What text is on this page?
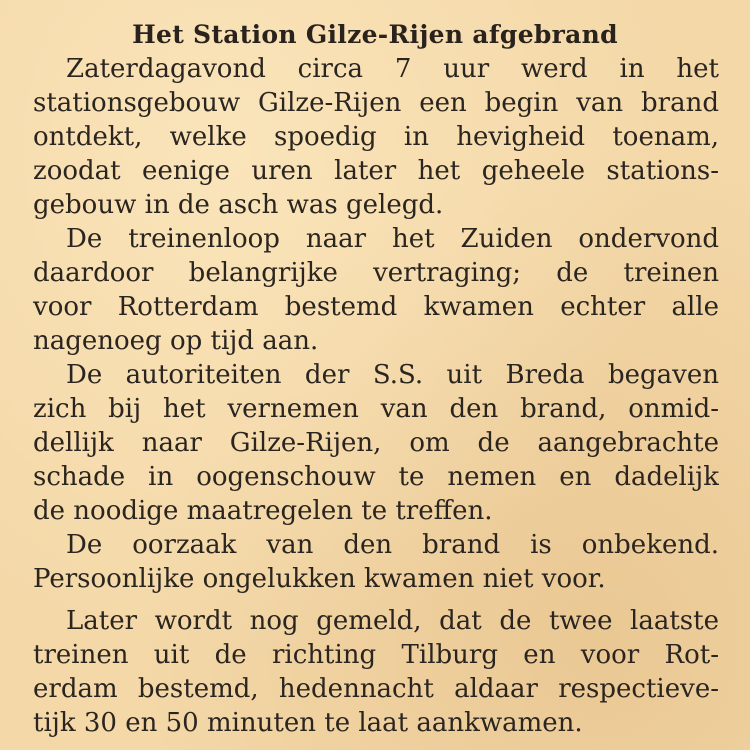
Het Station Gilze-Rijen afgebrand
Zaterdagavond circa 7 uur werd in het
stationsgebouw Gilze-Rijen een begin van brand
ontdekt, welke spoedig in hevigheid toenam,
zoodat eenige uren later het geheele stations-
gebouw in de asch was gelegd.
De treinenloop naar het Zuiden ondervond
daardoor belangrijke vertraging; de treinen
voor Rotterdam bestemd kwamen echter alle
nagenoeg op tijd aan.
De autoriteiten der S.S. uit Breda begaven
zich bij het vernemen van den brand, onmid-
dellijk naar Gilze-Rijen, om de aangebrachte
schade in oogenschouw te nemen en dadelijk
de noodige maatregelen te treffen.
De oorzaak van den brand is onbekend.
Persoonlijke ongelukken kwamen niet voor.
Later wordt nog gemeld, dat de twee laatste
treinen uit de richting Tilburg en voor Rot-
erdam bestemd, hedennacht aldaar respectieve-
tijk 30 en 50 minuten te laat aankwamen.
